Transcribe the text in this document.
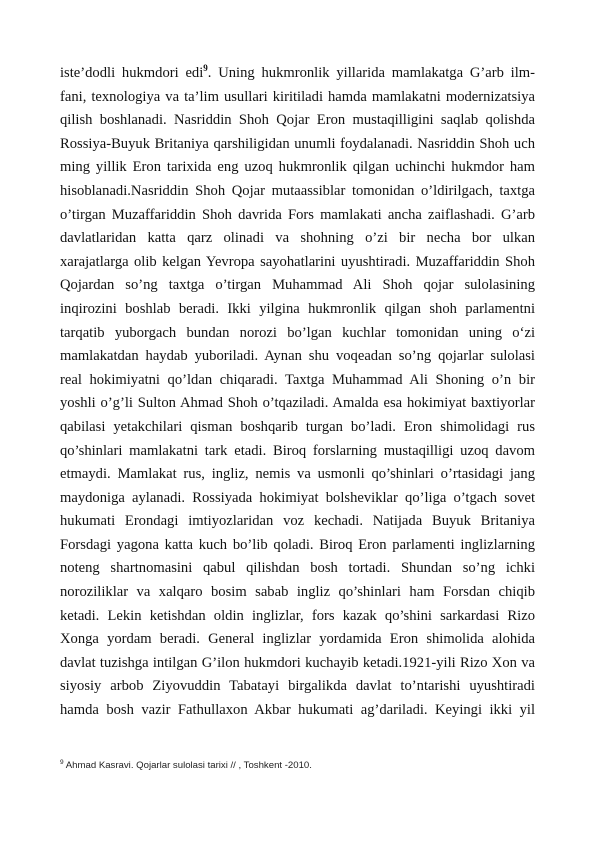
iste’dodli hukmdori edi$^9$. Uning hukmronlik yillarida mamlakatga G’arb ilm-
fani, texnologiya va ta’lim usullari kiritiladi hamda mamlakatni modernizatsiya
qilish boshlanadi. Nasriddin Shoh Qojar Eron mustaqilligini saqlab qolishda
Rossiya-Buyuk Britaniya qarshiligidan unumli foydalanadi. Nasriddin Shoh uch
ming yillik Eron tarixida eng uzoq hukmronlik qilgan uchinchi hukmdor ham
hisoblanadi.Nasriddin Shoh Qojar mutaassiblar tomonidan o’ldirilgach, taxtga
o’tirgan Muzaffariddin Shoh davrida Fors mamlakati ancha zaiflashadi. G’arb
davlatlaridan katta qarz olinadi va shohning o’zi bir necha bor ulkan
xarajatlarga olib kelgan Yevropa sayohatlarini uyushtiradi. Muzaffariddin Shoh
Qojardan so’ng taxtga o’tirgan Muhammad Ali Shoh qojar sulolasining
inqirozini boshlab beradi. Ikki yilgina hukmronlik qilgan shoh parlamentni
tarqatib yuborgach bundan norozi bo’lgan kuchlar tomonidan uning o‘zi
mamlakatdan haydab yuboriladi. Aynan shu voqeadan so’ng qojarlar sulolasi
real hokimiyatni qo’ldan chiqaradi. Taxtga Muhammad Ali Shoning o’n bir
yoshli o’g’li Sulton Ahmad Shoh o’tqaziladi. Amalda esa hokimiyat baxtiyorlar
qabilasi yetakchilari qisman boshqarib turgan bo’ladi. Eron shimolidagi rus
qo’shinlari mamlakatni tark etadi. Biroq forslarning mustaqilligi uzoq davom
etmaydi. Mamlakat rus, ingliz, nemis va usmonli qo’shinlari o’rtasidagi jang
maydoniga aylanadi. Rossiyada hokimiyat bolsheviklar qo’liga o’tgach sovet
hukumati Erondagi imtiyozlaridan voz kechadi. Natijada Buyuk Britaniya
Forsdagi yagona katta kuch bo’lib qoladi. Biroq Eron parlamenti inglizlarning
noteng shartnomasini qabul qilishdan bosh tortadi. Shundan so’ng ichki
noroziliklar va xalqaro bosim sabab ingliz qo’shinlari ham Forsdan chiqib
ketadi. Lekin ketishdan oldin inglizlar, fors kazak qo’shini sarkardasi Rizo
Xonga yordam beradi. General inglizlar yordamida Eron shimolida alohida
davlat tuzishga intilgan G’ilon hukmdori kuchayib ketadi.1921-yili Rizo Xon va
siyosiy arbob Ziyovuddin Tabatayi birgalikda davlat to’ntarishi uyushtiradi
hamda bosh vazir Fathullaxon Akbar hukumati ag’dariladi. Keyingi ikki yil
$^9$ Ahmad Kasravi. Qojarlar sulolasi tarixi // , Toshkent -2010.
